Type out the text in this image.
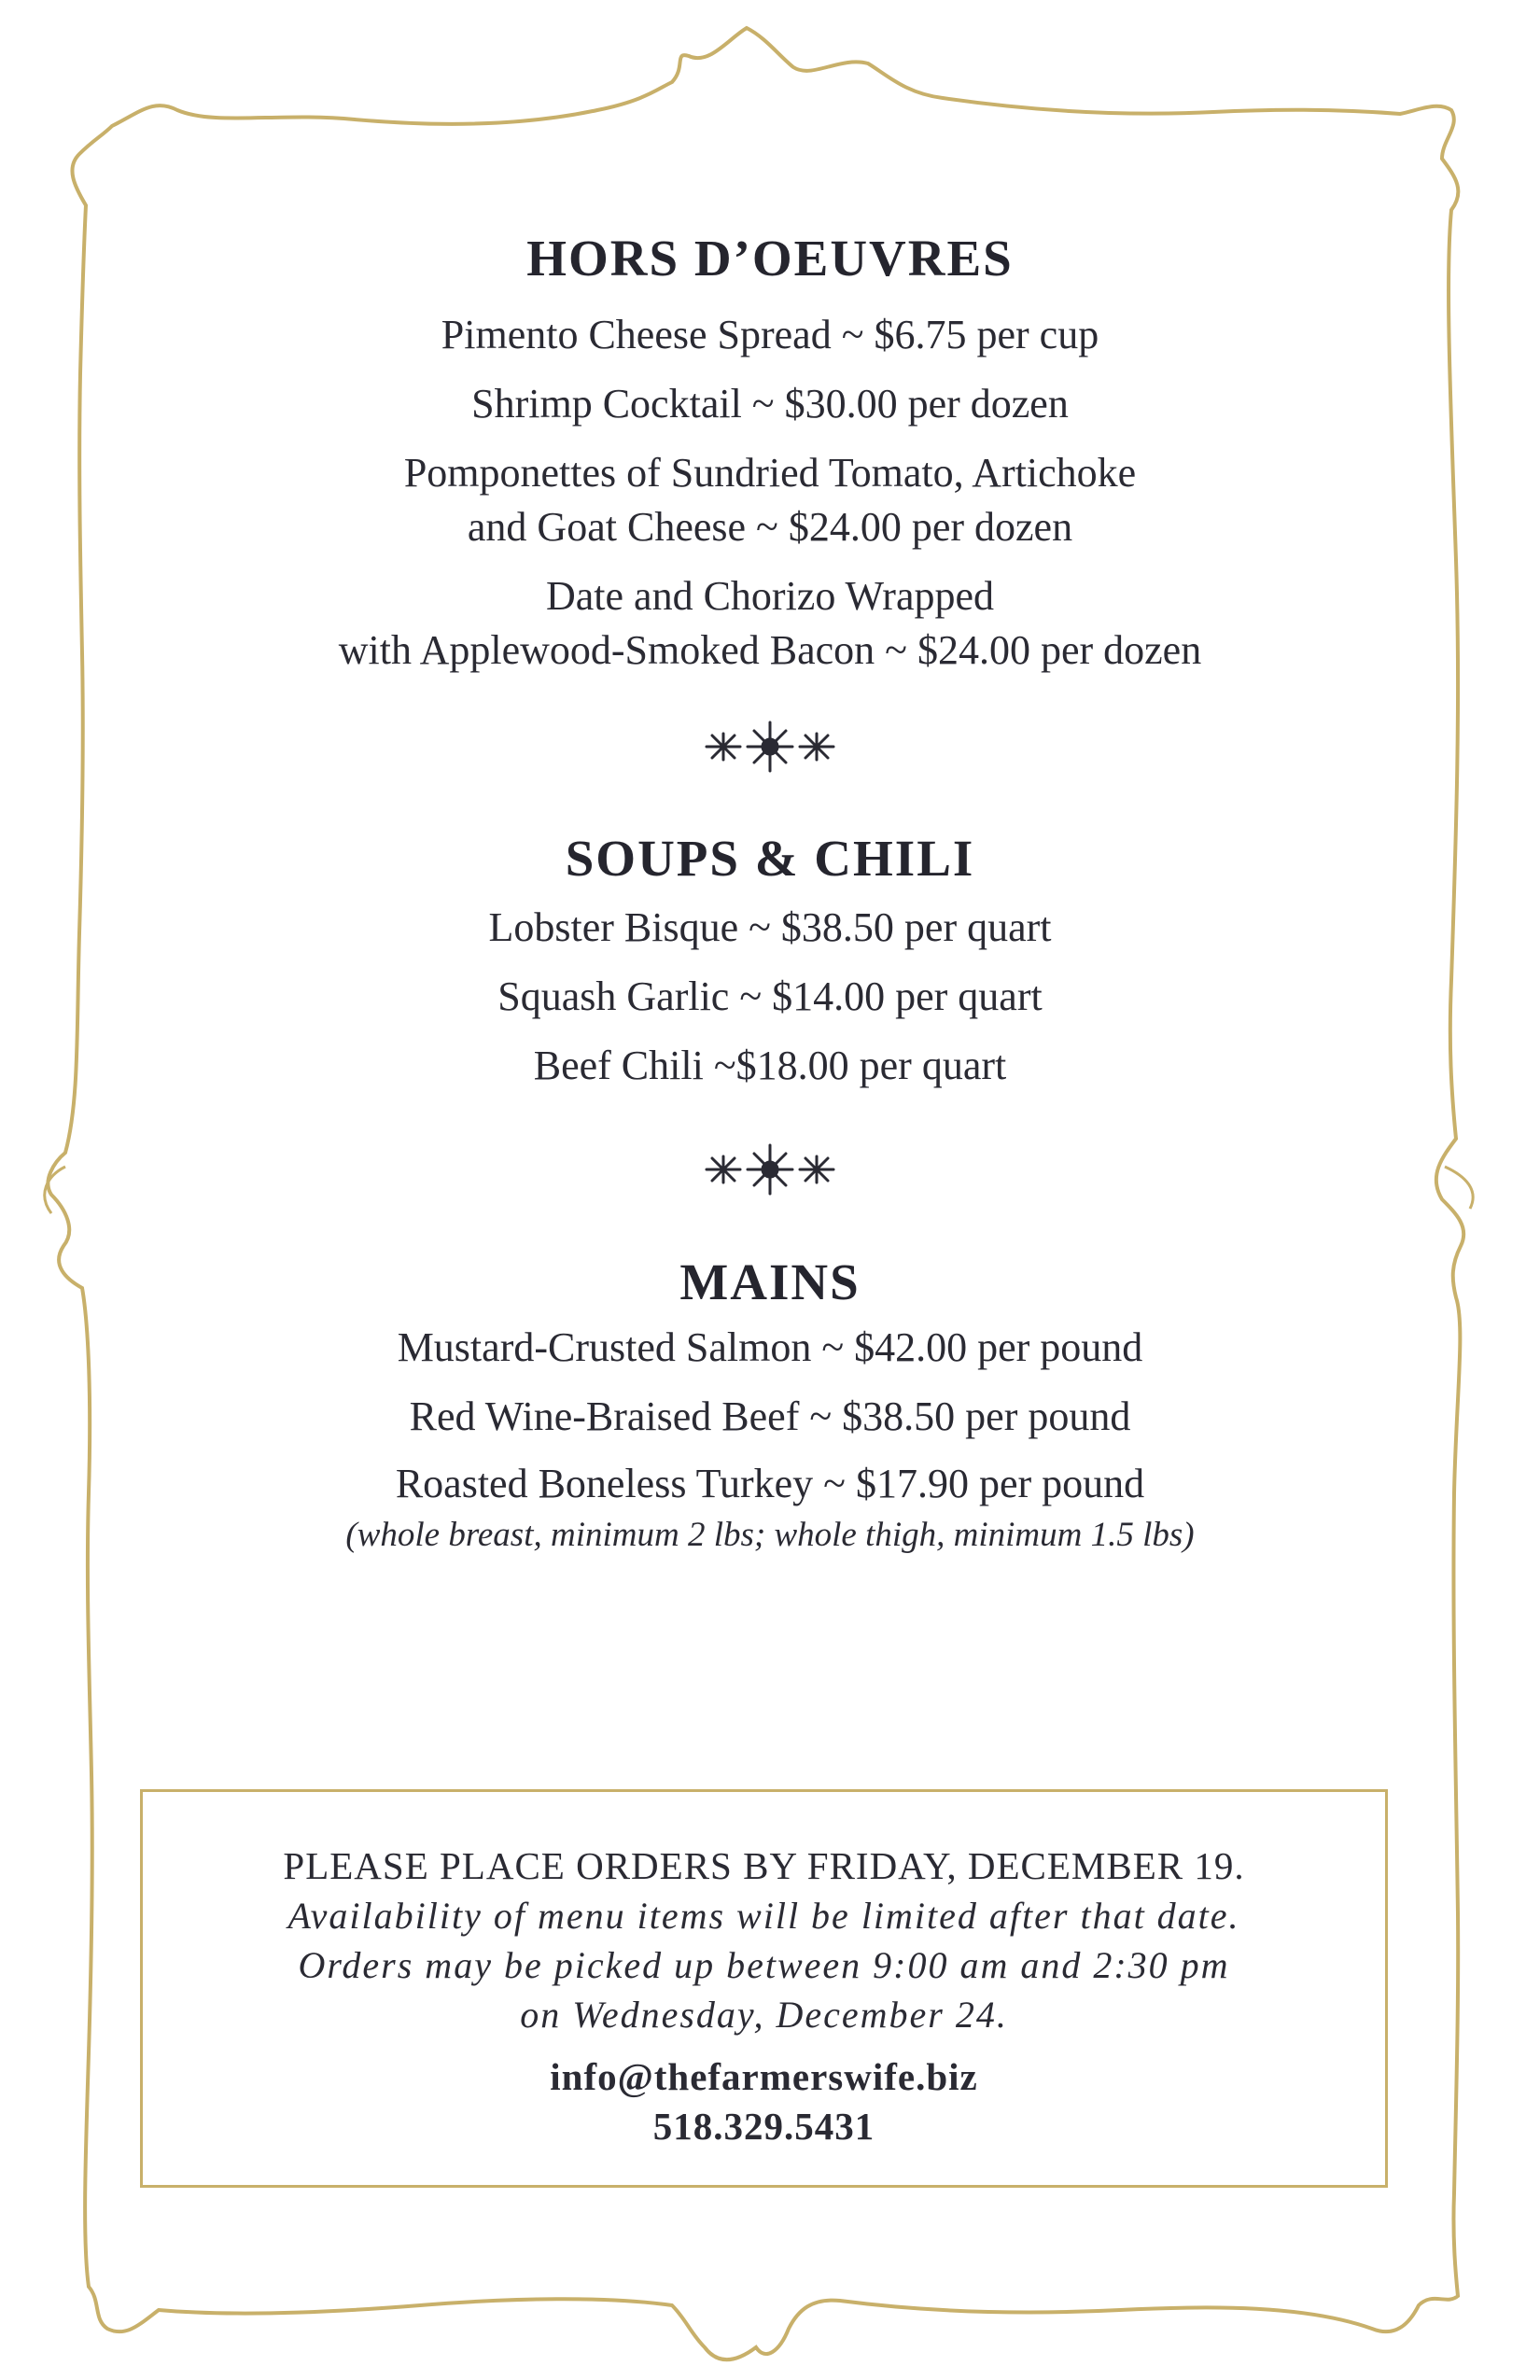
HORS D’OEUVRES

Pimento Cheese Spread ~ $6.75 per cup

Shrimp Cocktail ~ $30.00 per dozen

Pomponettes of Sundried Tomato, Artichoke

and Goat Cheese ~ $24.00 per dozen

Date and Chorizo Wrapped

with Applewood-Smoked Bacon ~ $24.00 per dozen

SOUPS & CHILI

Lobster Bisque ~ $38.50 per quart

Squash Garlic ~ $14.00 per quart

Beef Chili ~$18.00 per quart

MAINS

Mustard-Crusted Salmon ~ $42.00 per pound

Red Wine-Braised Beef ~ $38.50 per pound

Roasted Boneless Turkey ~ $17.90 per pound

(whole breast, minimum 2 lbs; whole thigh, minimum 1.5 lbs)

PLEASE PLACE ORDERS BY FRIDAY, DECEMBER 19.

Availability of menu items will be limited after that date.

Orders may be picked up between 9:00 am and 2:30 pm

on Wednesday, December 24.

info@thefarmerswife.biz

518.329.5431
